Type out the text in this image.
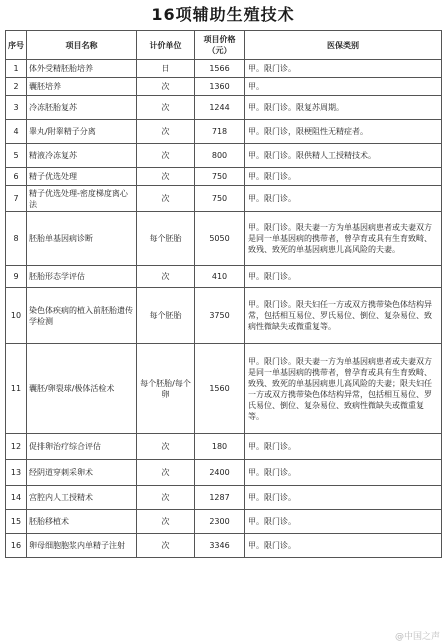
16项辅助生殖技术
序号	项目名称	计价单位	项目价格（元）	医保类别
1	体外受精胚胎培养	日	1566	甲。限门诊。
2	囊胚培养	次	1360	甲。
3	冷冻胚胎复苏	次	1244	甲。限门诊。限复苏周期。
4	睾丸/附睾精子分离	次	718	甲。限门诊，限梗阻性无精症者。
5	精液冷冻复苏	次	800	甲。限门诊。限供精人工授精技术。
6	精子优选处理	次	750	甲。限门诊。
7	精子优选处理-密度梯度离心法	次	750	甲。限门诊。
8	胚胎单基因病诊断	每个胚胎	5050	甲。限门诊。限夫妻一方为单基因病患者或夫妻双方是同一单基因病的携带者，曾孕育或具有生育致畸、致残、致死的单基因病患儿高风险的夫妻。
9	胚胎形态学评估	次	410	甲。限门诊。
10	染色体疾病的植入前胚胎遗传学检测	每个胚胎	3750	甲。限门诊。限夫妇任一方或双方携带染色体结构异常，包括相互易位、罗氏易位、倒位、复杂易位、致病性微缺失或微重复等。
11	囊胚/卵裂球/极体活检术	每个胚胎/每个卵	1560	甲。限门诊。限夫妻一方为单基因病患者或夫妻双方是同一单基因病的携带者，曾孕育或具有生育致畸、致残、致死的单基因病患儿高风险的夫妻；限夫妇任一方或双方携带染色体结构异常，包括相互易位、罗氏易位、倒位、复杂易位、致病性微缺失或微重复等。
12	促排卵治疗综合评估	次	180	甲。限门诊。
13	经阴道穿刺采卵术	次	2400	甲。限门诊。
14	宫腔内人工授精术	次	1287	甲。限门诊。
15	胚胎移植术	次	2300	甲。限门诊。
16	卵母细胞胞浆内单精子注射	次	3346	甲。限门诊。
@中国之声
